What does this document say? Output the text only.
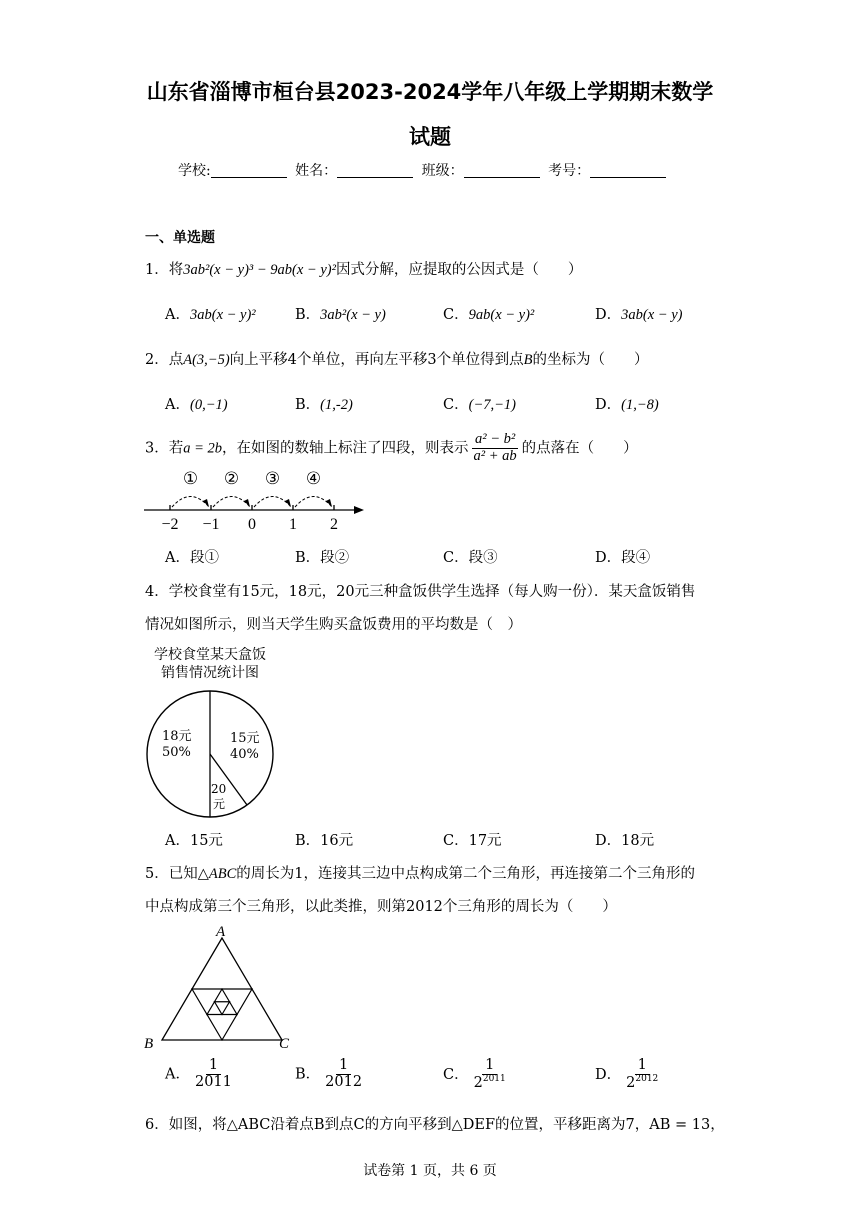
山东省淄博市桓台县2023-2024学年八年级上学期期末数学
试题
学校:	姓名：	班级：	考号：
一、单选题
1．将3ab²(x − y)³ − 9ab(x − y)²因式分解，应提取的公因式是（　　）
A．3ab(x − y)²	B．3ab²(x − y)	C．9ab(x − y)²	D．3ab(x − y)
2．点A(3,−5)向上平移4个单位，再向左平移3个单位得到点B的坐标为（　　）
A．(0,−1)	B．(1,-2)	C．(−7,−1)	D．(1,−8)
3．若a = 2b，在如图的数轴上标注了四段，则表示 $\frac{\text{a² − b²}}{\text{a² + ab}}$ 的点落在（　　）
−2 −1 0 1 2
① ② ③ ④
A．段①	B．段②	C．段③	D．段④
4．学校食堂有15元，18元，20元三种盒饭供学生选择（每人购一份）．某天盒饭销售
情况如图所示，则当天学生购买盒饭费用的平均数是（　）
学校食堂某天盒饭
销售情况统计图
18元
50%
15元
40%
20
元
A．15元	B．16元	C．17元	D．18元
5．已知△ABC的周长为1，连接其三边中点构成第二个三角形，再连接第二个三角形的
中点构成第三个三角形，以此类推，则第2012个三角形的周长为（　　）
A
B	C
A． $\frac{1}{2011}$	B． $\frac{1}{2012}$	C． $\frac{1}{2^{2011}}$	D． $\frac{1}{2^{2012}}$
6．如图，将△ABC沿着点B到点C的方向平移到△DEF的位置，平移距离为7，AB = 13，
试卷第 1 页，共 6 页
